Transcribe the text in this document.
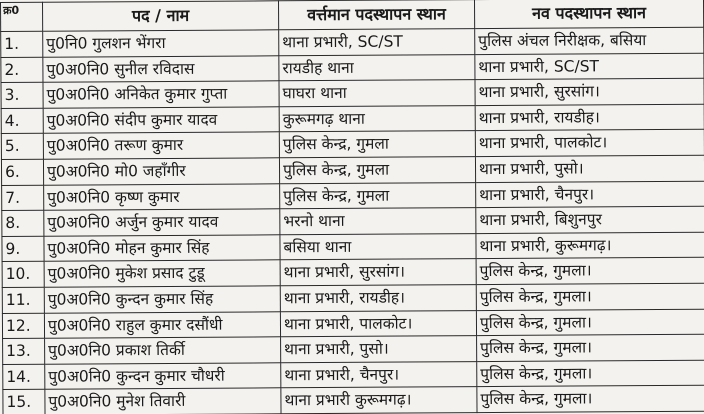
क्र0	पद / नाम	वर्त्तमान पदस्थापन स्थान	नव पदस्थापन स्थान
1.	पु0नि0 गुलशन भेंगरा	थाना प्रभारी, SC/ST	पुलिस अंचल निरीक्षक, बसिया
2.	पु0अ0नि0 सुनील रविदास	रायडीह थाना	थाना प्रभारी, SC/ST
3.	पु0अ0नि0 अनिकेत कुमार गुप्ता	घाघरा थाना	थाना प्रभारी, सुरसांग।
4.	पु0अ0नि0 संदीप कुमार यादव	कुरूमगढ़ थाना	थाना प्रभारी, रायडीह।
5.	पु0अ0नि0 तरूण कुमार	पुलिस केन्द्र, गुमला	थाना प्रभारी, पालकोट।
6.	पु0अ0नि0 मो0 जहाँगीर	पुलिस केन्द्र, गुमला	थाना प्रभारी, पुसो।
7.	पु0अ0नि0 कृष्ण कुमार	पुलिस केन्द्र, गुमला	थाना प्रभारी, चैनपुर।
8.	पु0अ0नि0 अर्जुन कुमार यादव	भरनो थाना	थाना प्रभारी, बिशुनपुर
9.	पु0अ0नि0 मोहन कुमार सिंह	बसिया थाना	थाना प्रभारी, कुरूमगढ़।
10.	पु0अ0नि0 मुकेश प्रसाद टुडू	थाना प्रभारी, सुरसांग।	पुलिस केन्द्र, गुमला।
11.	पु0अ0नि0 कुन्दन कुमार सिंह	थाना प्रभारी, रायडीह।	पुलिस केन्द्र, गुमला।
12.	पु0अ0नि0 राहुल कुमार दसौंधी	थाना प्रभारी, पालकोट।	पुलिस केन्द्र, गुमला।
13.	पु0अ0नि0 प्रकाश तिर्की	थाना प्रभारी, पुसो।	पुलिस केन्द्र, गुमला।
14.	पु0अ0नि0 कुन्दन कुमार चौधरी	थाना प्रभारी, चैनपुर।	पुलिस केन्द्र, गुमला।
15.	पु0अ0नि0 मुनेश तिवारी	थाना प्रभारी कुरूमगढ़।	पुलिस केन्द्र, गुमला।
